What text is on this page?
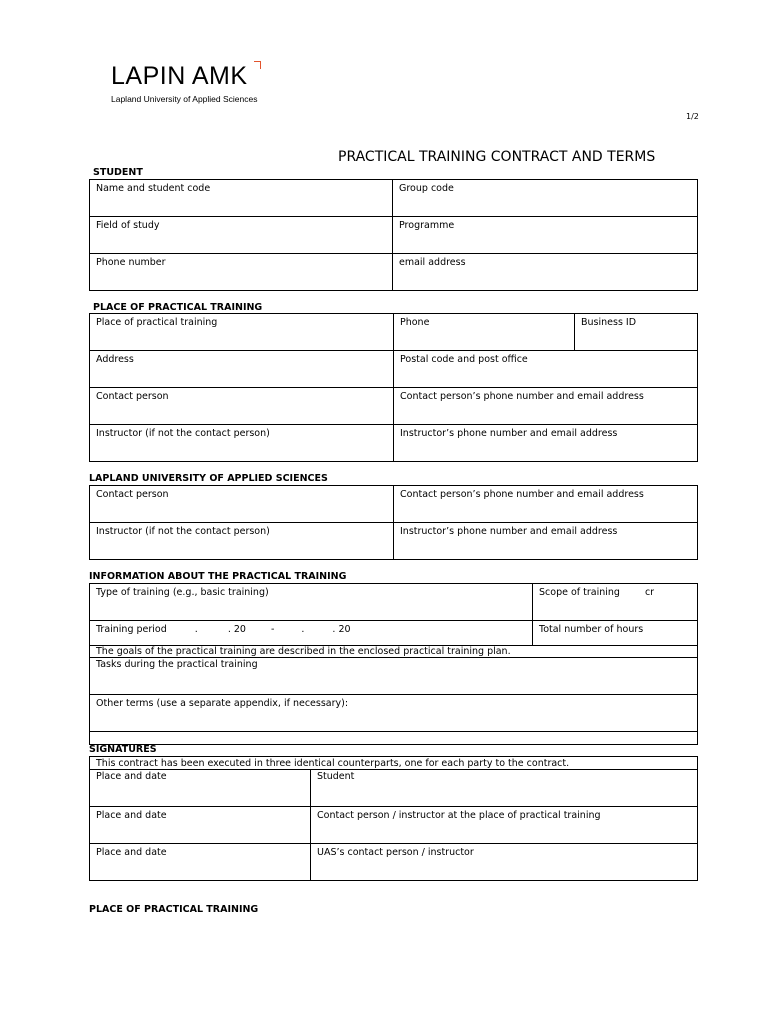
LAPIN AMK
Lapland University of Applied Sciences
1/2
PRACTICAL TRAINING CONTRACT AND TERMS
STUDENT
Name and student code	Group code
Field of study	Programme
Phone number	email address
PLACE OF PRACTICAL TRAINING
Place of practical training	Phone	Business ID
Address	Postal code and post office
Contact person	Contact person’s phone number and email address
Instructor (if not the contact person)	Instructor’s phone number and email address
LAPLAND UNIVERSITY OF APPLIED SCIENCES
Contact person	Contact person’s phone number and email address
Instructor (if not the contact person)	Instructor’s phone number and email address
INFORMATION ABOUT THE PRACTICAL TRAINING
Type of training (e.g., basic training)	Scope of training	cr
Training period	.	. 20	-	.	. 20	Total number of hours
The goals of the practical training are described in the enclosed practical training plan.
Tasks during the practical training
Other terms (use a separate appendix, if necessary):
SIGNATURES
This contract has been executed in three identical counterparts, one for each party to the contract.
Place and date	Student
Place and date	Contact person / instructor at the place of practical training
Place and date	UAS’s contact person / instructor
PLACE OF PRACTICAL TRAINING
